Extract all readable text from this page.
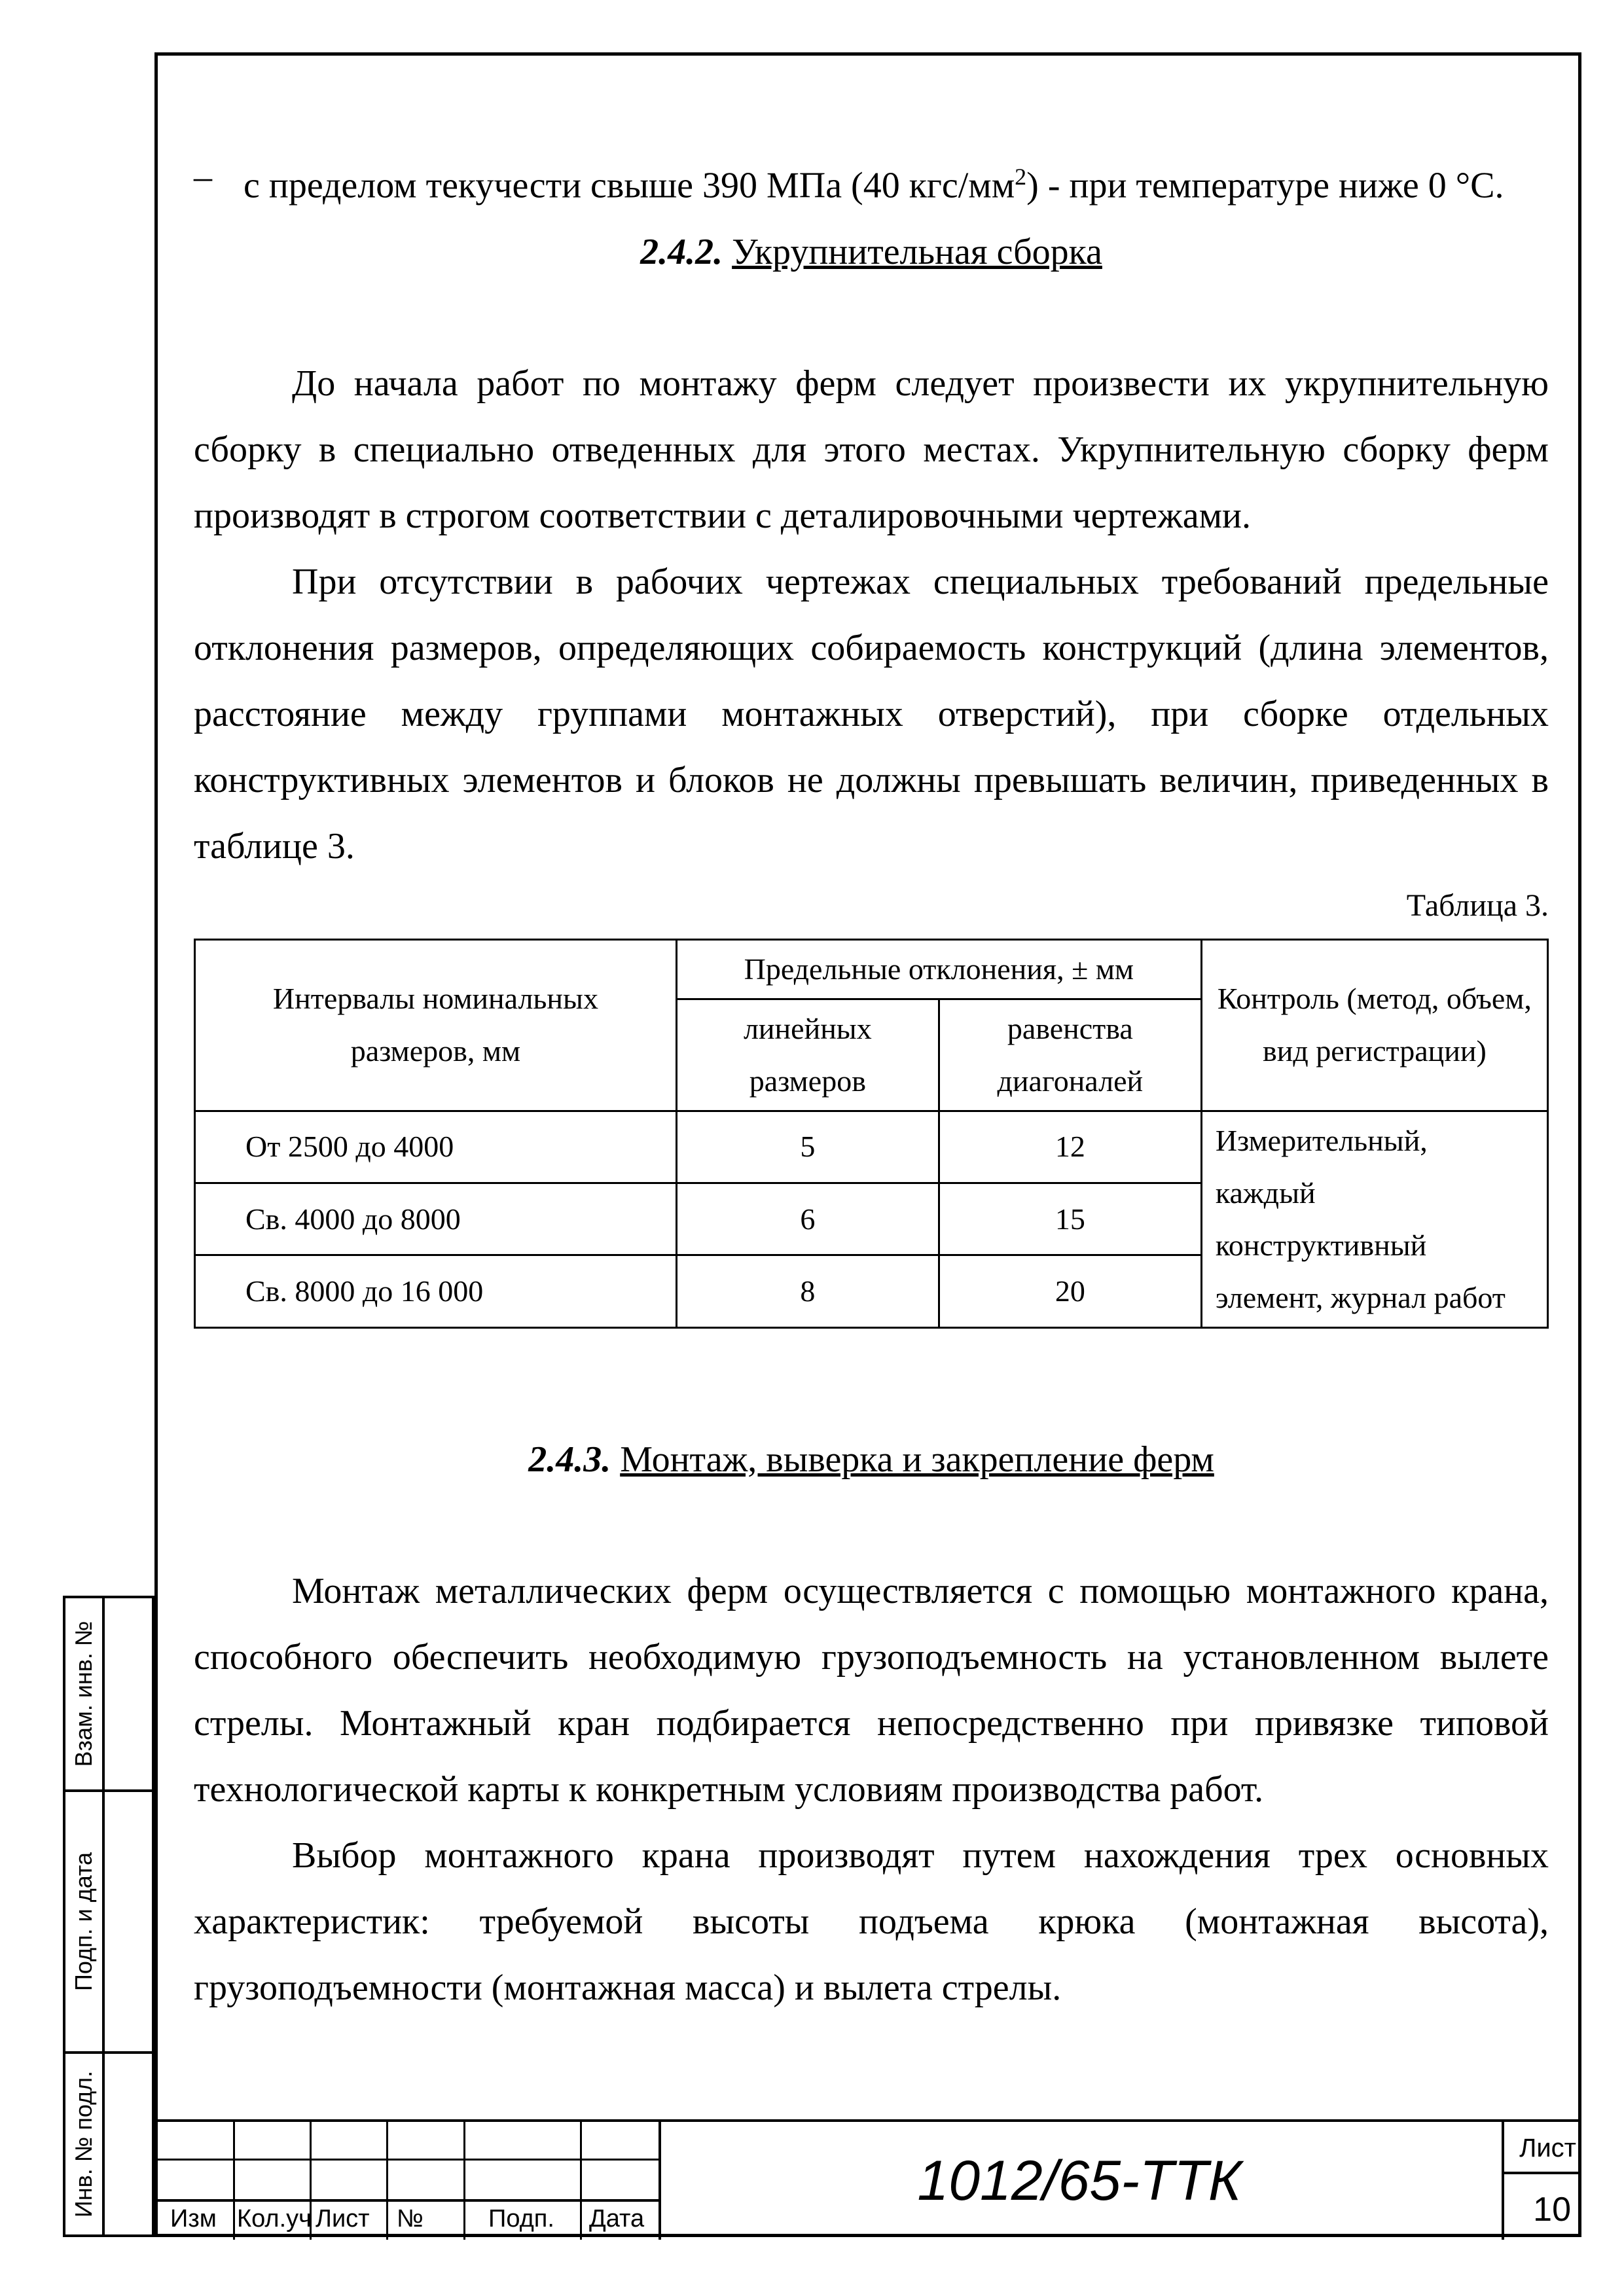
– с пределом текучести свыше 390 МПа (40 кгс/$мм^2$) - при температуре ниже 0 °С.

2.4.2. Укрупнительная сборка

До начала работ по монтажу ферм следует произвести их укрупнительную сборку в специально отведенных для этого местах. Укрупнительную сборку ферм производят в строгом соответствии с деталировочными чертежами.

При отсутствии в рабочих чертежах специальных требований предельные отклонения размеров, определяющих собираемость конструкций (длина элементов, расстояние между группами монтажных отверстий), при сборке отдельных конструктивных элементов и блоков не должны превышать величин, приведенных в таблице 3.

Таблица 3.
Интервалы номинальных размеров, мм	Предельные отклонения, ± мм		Контроль (метод, объем, вид регистрации)
	линейных размеров	равенства диагоналей	
От 2500 до 4000	5	12	Измерительный, каждый конструктивный элемент, журнал работ
Св. 4000 до 8000	6	15	
Св. 8000 до 16 000	8	20	

2.4.3. Монтаж, выверка и закрепление ферм

Монтаж металлических ферм осуществляется с помощью монтажного крана, способного обеспечить необходимую грузоподъемность на установленном вылете стрелы. Монтажный кран подбирается непосредственно при привязке типовой технологической карты к конкретным условиям производства работ.

Выбор монтажного крана производят путем нахождения трех основных характеристик: требуемой высоты подъема крюка (монтажная высота), грузоподъемности (монтажная масса) и вылета стрелы.

Взам. инв. №
Подп. и дата
Инв. № подл.
Изм Кол.уч Лист №	Подп. Дата
1012/65-ТТК
Лист
10
